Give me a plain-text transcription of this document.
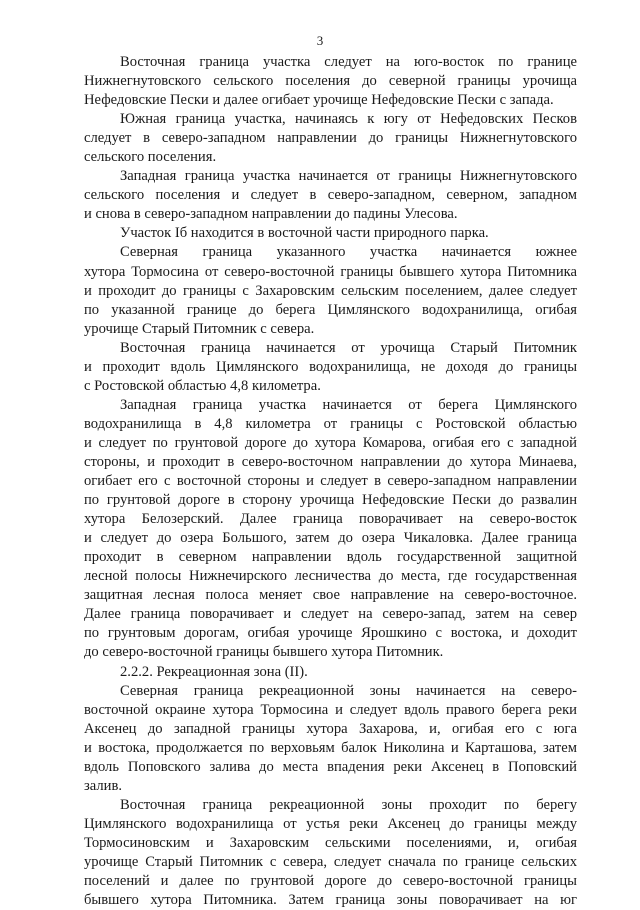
3

Восточная граница участка следует на юго-восток по границе
Нижнегнутовского сельского поселения до северной границы урочища
Нефедовские Пески и далее огибает урочище Нефедовские Пески с запада.

Южная граница участка, начинаясь к югу от Нефедовских Песков
следует в северо-западном направлении до границы Нижнегнутовского
сельского поселения.

Западная граница участка начинается от границы Нижнегнутовского
сельского поселения и следует в северо-западном, северном, западном
и снова в северо-западном направлении до падины Улесова.

Участок Iб находится в восточной части природного парка.

Северная граница указанного участка начинается южнее
хутора Тормосина от северо-восточной границы бывшего хутора Питомника
и проходит до границы с Захаровским сельским поселением, далее следует
по указанной границе до берега Цимлянского водохранилища, огибая
урочище Старый Питомник с севера.

Восточная граница начинается от урочища Старый Питомник
и проходит вдоль Цимлянского водохранилища, не доходя до границы
с Ростовской областью 4,8 километра.

Западная граница участка начинается от берега Цимлянского
водохранилища в 4,8 километра от границы с Ростовской областью
и следует по грунтовой дороге до хутора Комарова, огибая его с западной
стороны, и проходит в северо-восточном направлении до хутора Минаева,
огибает его с восточной стороны и следует в северо-западном направлении
по грунтовой дороге в сторону урочища Нефедовские Пески до развалин
хутора Белозерский. Далее граница поворачивает на северо-восток
и следует до озера Большого, затем до озера Чикаловка. Далее граница
проходит в северном направлении вдоль государственной защитной
лесной полосы Нижнечирского лесничества до места, где государственная
защитная лесная полоса меняет свое направление на северо-восточное.
Далее граница поворачивает и следует на северо-запад, затем на север
по грунтовым дорогам, огибая урочище Ярошкино с востока, и доходит
до северо-восточной границы бывшего хутора Питомник.

2.2.2. Рекреационная зона (II).

Северная граница рекреационной зоны начинается на северо-
восточной окраине хутора Тормосина и следует вдоль правого берега реки
Аксенец до западной границы хутора Захарова, и, огибая его с юга
и востока, продолжается по верховьям балок Николина и Карташова, затем
вдоль Поповского залива до места впадения реки Аксенец в Поповский
залив.

Восточная граница рекреационной зоны проходит по берегу
Цимлянского водохранилища от устья реки Аксенец до границы между
Тормосиновским и Захаровским сельскими поселениями, и, огибая
урочище Старый Питомник с севера, следует сначала по границе сельских
поселений и далее по грунтовой дороге до северо-восточной границы
бывшего хутора Питомника. Затем граница зоны поворачивает на юг
